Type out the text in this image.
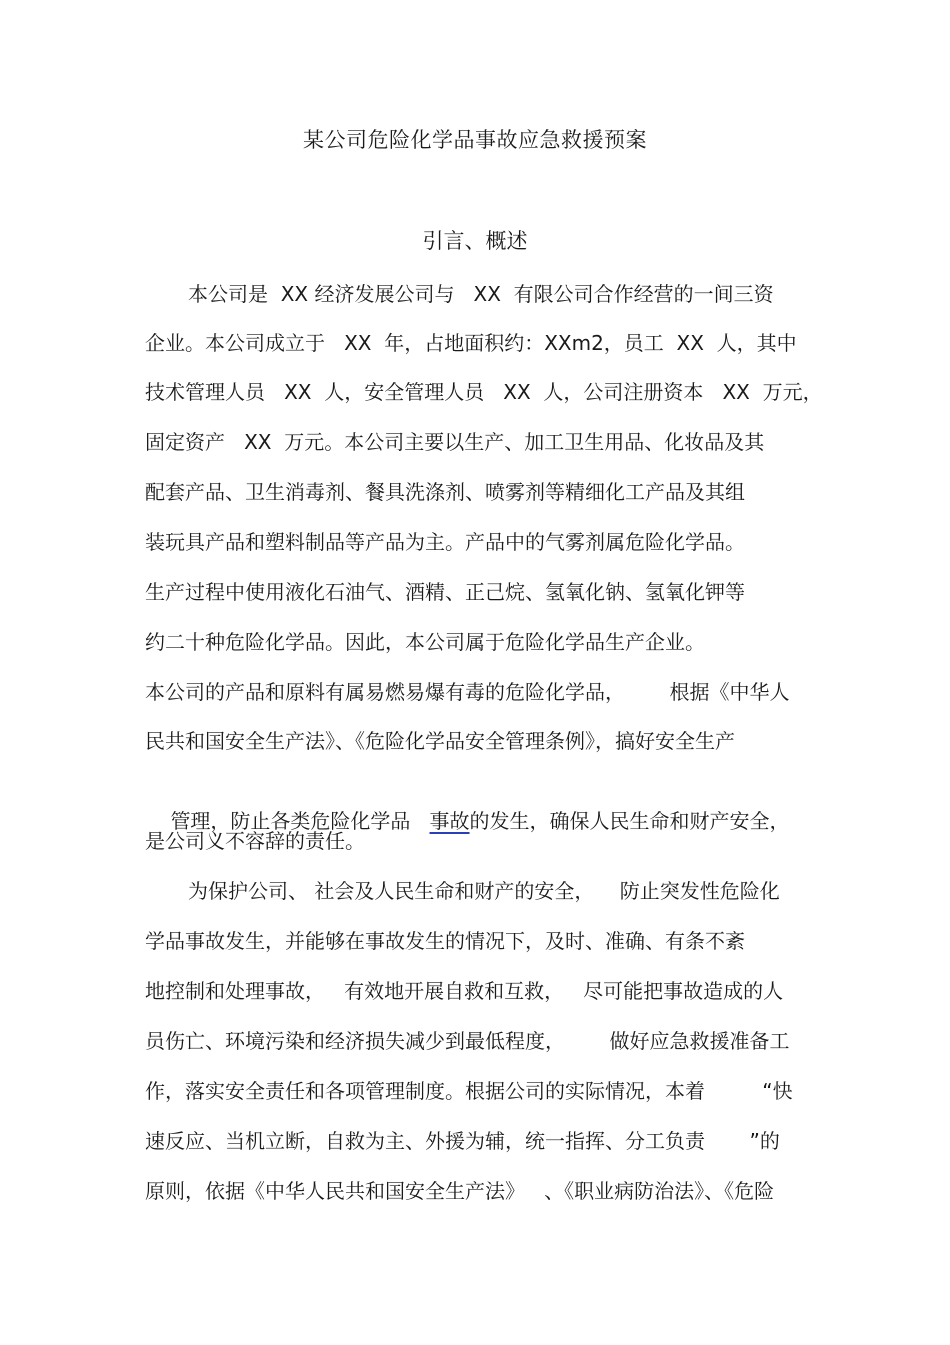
某公司危险化学品事故应急救援预案
引言、概述
本公司是  XX 经济发展公司与   XX  有限公司合作经营的一间三资
企业。本公司成立于   XX  年，占地面积约：XXm2，员工  XX  人，其中
技术管理人员   XX  人，安全管理人员   XX  人，公司注册资本   XX  万元，
固定资产   XX  万元。本公司主要以生产、加工卫生用品、化妆品及其
配套产品、卫生消毒剂、餐具洗涤剂、喷雾剂等精细化工产品及其组
装玩具产品和塑料制品等产品为主。产品中的气雾剂属危险化学品。
生产过程中使用液化石油气、酒精、正己烷、氢氧化钠、氢氧化钾等
约二十种危险化学品。因此，本公司属于危险化学品生产企业。
本公司的产品和原料有属易燃易爆有毒的危险化学品，       根据《中华人
民共和国安全生产法》、《危险化学品安全管理条例》，搞好安全生产

管理，防止各类危险化学品 事故的发生，确保人民生命和财产安全，

是公司义不容辞的责任。
为保护公司、 社会及人民生命和财产的安全，    防止突发性危险化
学品事故发生，并能够在事故发生的情况下，及时、准确、有条不紊
地控制和处理事故，   有效地开展自救和互救，   尽可能把事故造成的人
员伤亡、环境污染和经济损失减少到最低程度，       做好应急救援准备工
作，落实安全责任和各项管理制度。根据公司的实际情况，本着         “快
速反应、当机立断，自救为主、外援为辅，统一指挥、分工负责       ”的
原则，依据《中华人民共和国安全生产法》   、《职业病防治法》、《危险
